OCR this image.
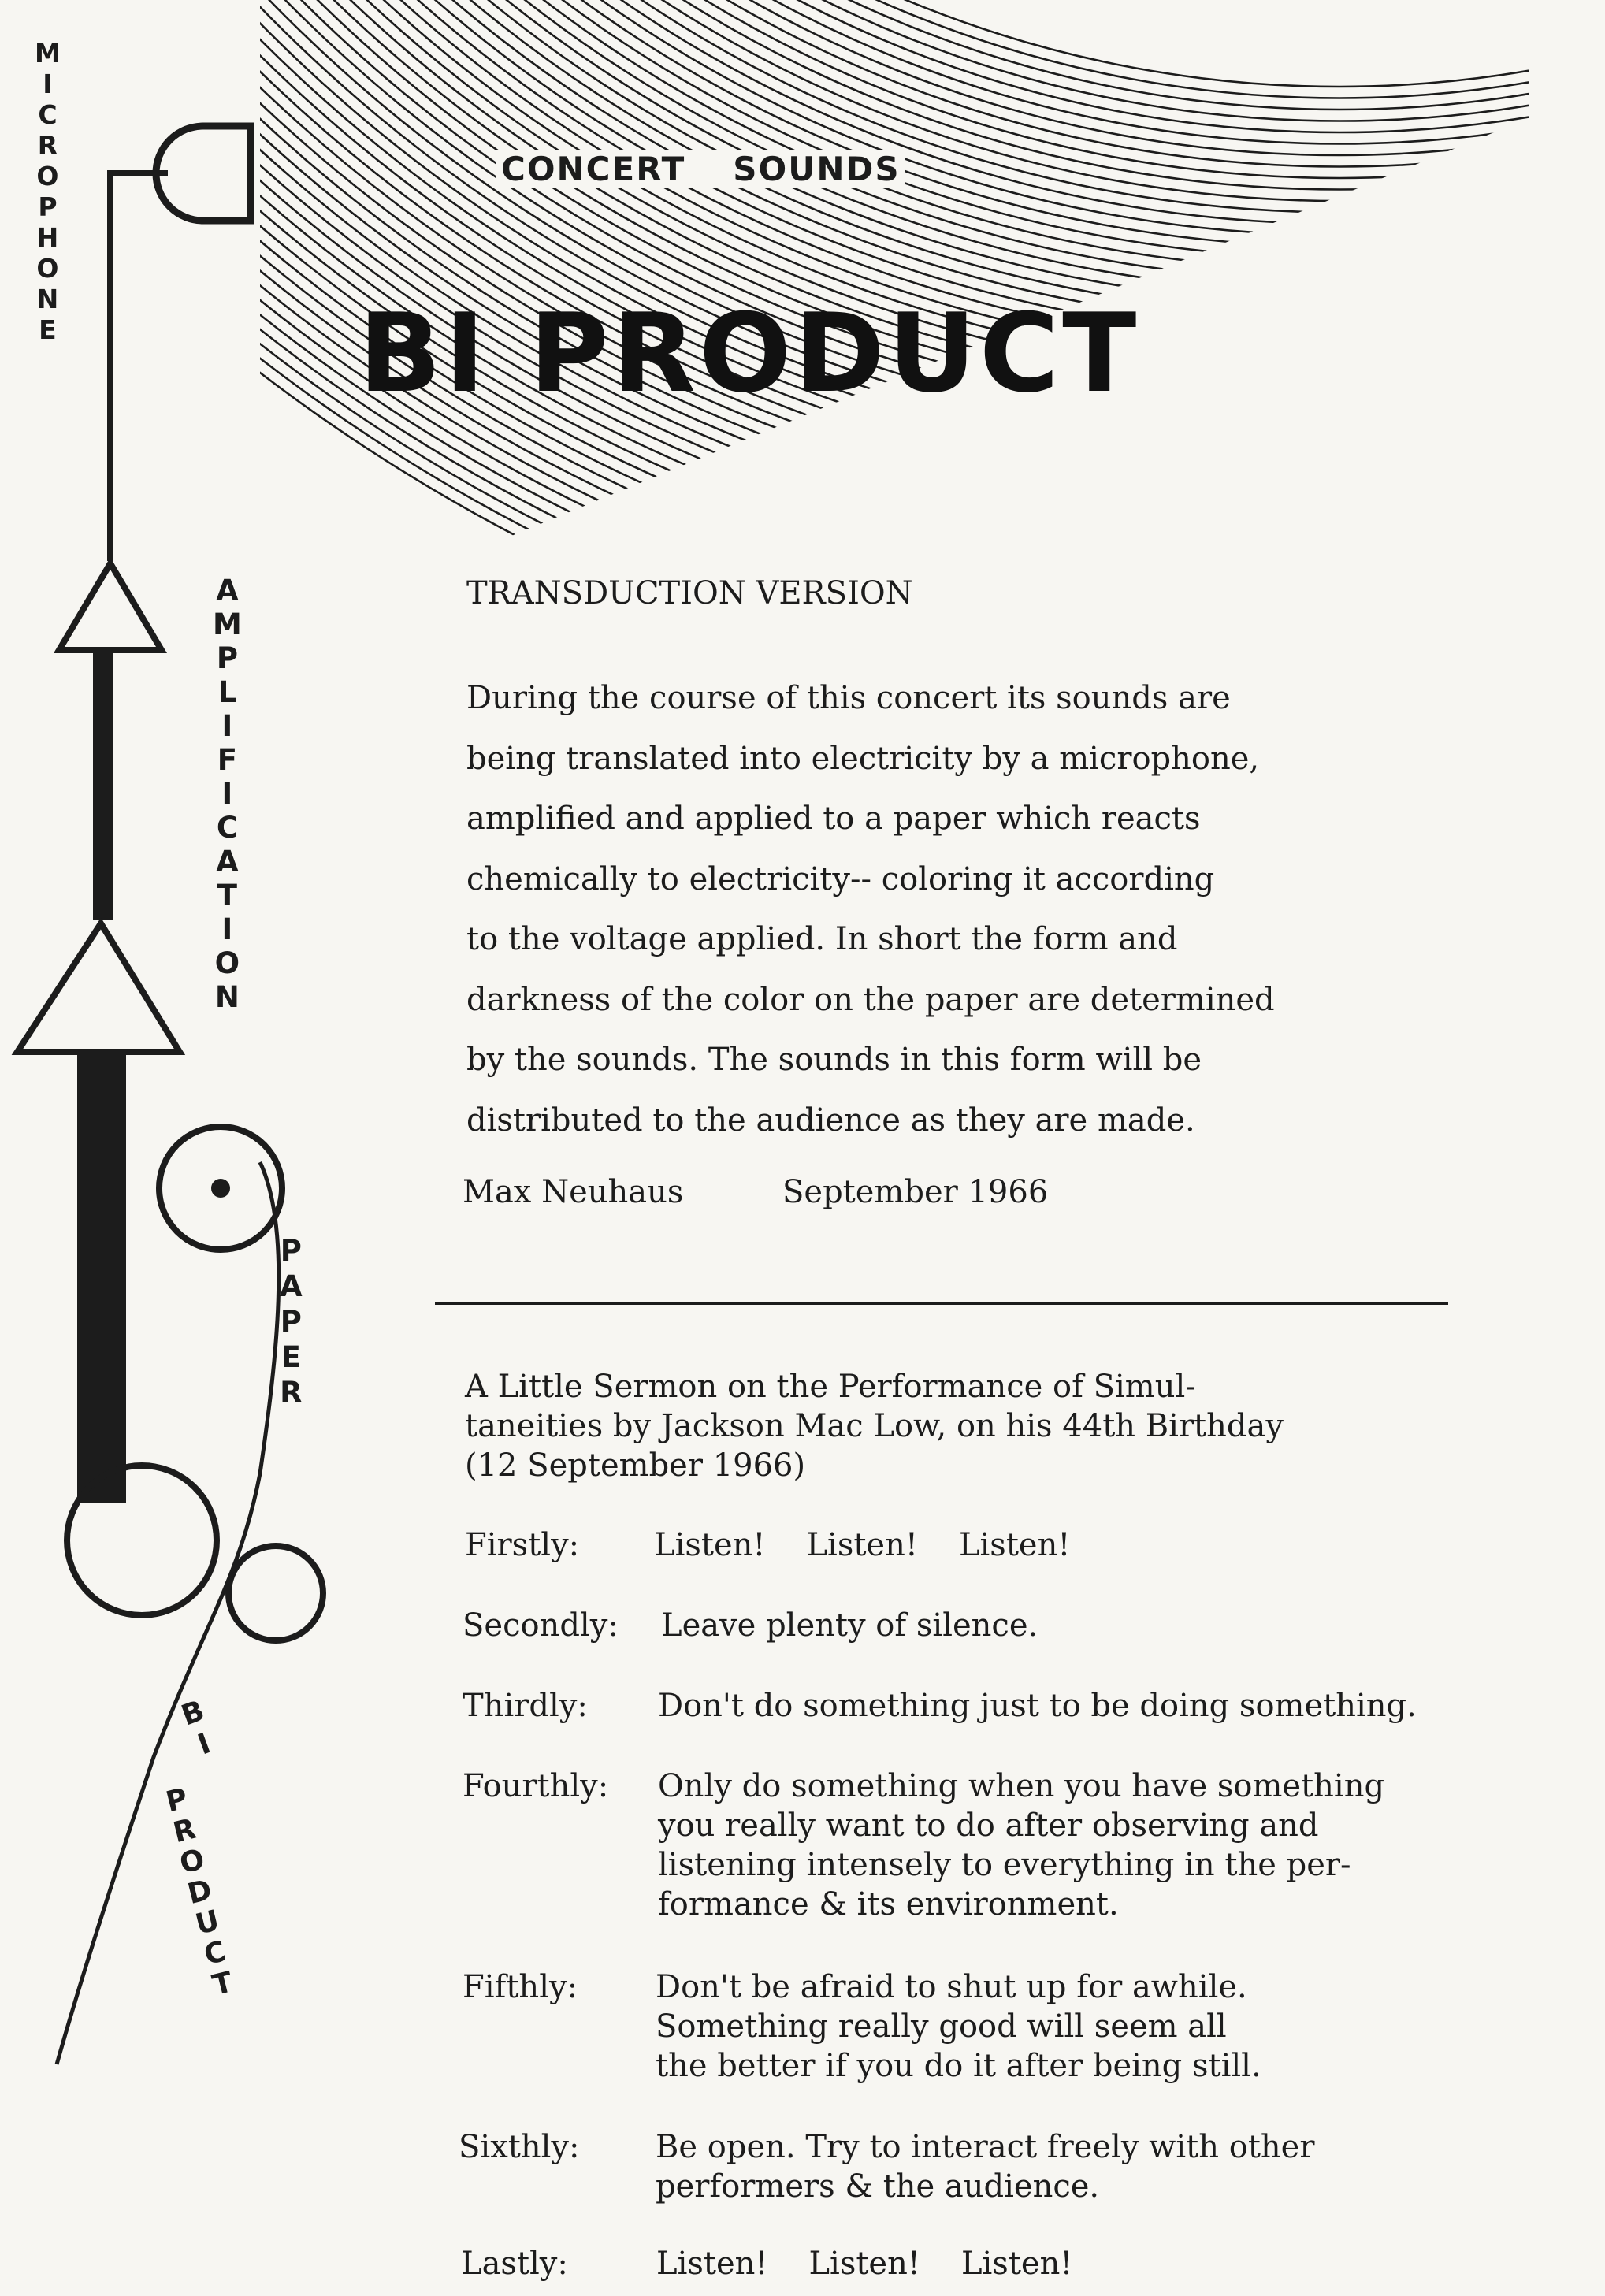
M
I
C
R
O
P
H
O
N
E
A
M
P
L
I
F
I
C
A
T
I
O
N
P
A
P
E
R
B
I
P
R
O
D
U
C
T
CONCERT SOUNDS
BI PRODUCT
TRANSDUCTION VERSION
During the course of this concert its sounds are
being translated into electricity by a microphone,
amplified and applied to a paper which reacts
chemically to electricity-- coloring it according
to the voltage applied. In short the form and
darkness of the color on the paper are determined
by the sounds. The sounds in this form will be
distributed to the audience as they are made.
Max Neuhaus	September 1966
A Little Sermon on the Performance of Simul-
taneities by Jackson Mac Low, on his 44th Birthday
(12 September 1966)
Firstly: Listen! Listen! Listen!
Secondly: Leave plenty of silence.
Thirdly: Don't do something just to be doing something.
Fourthly: Only do something when you have something
you really want to do after observing and
listening intensely to everything in the per-
formance & its environment.
Fifthly: Don't be afraid to shut up for awhile.
Something really good will seem all
the better if you do it after being still.
Sixthly: Be open. Try to interact freely with other
performers & the audience.
Lastly:	Listen! Listen! Listen!
